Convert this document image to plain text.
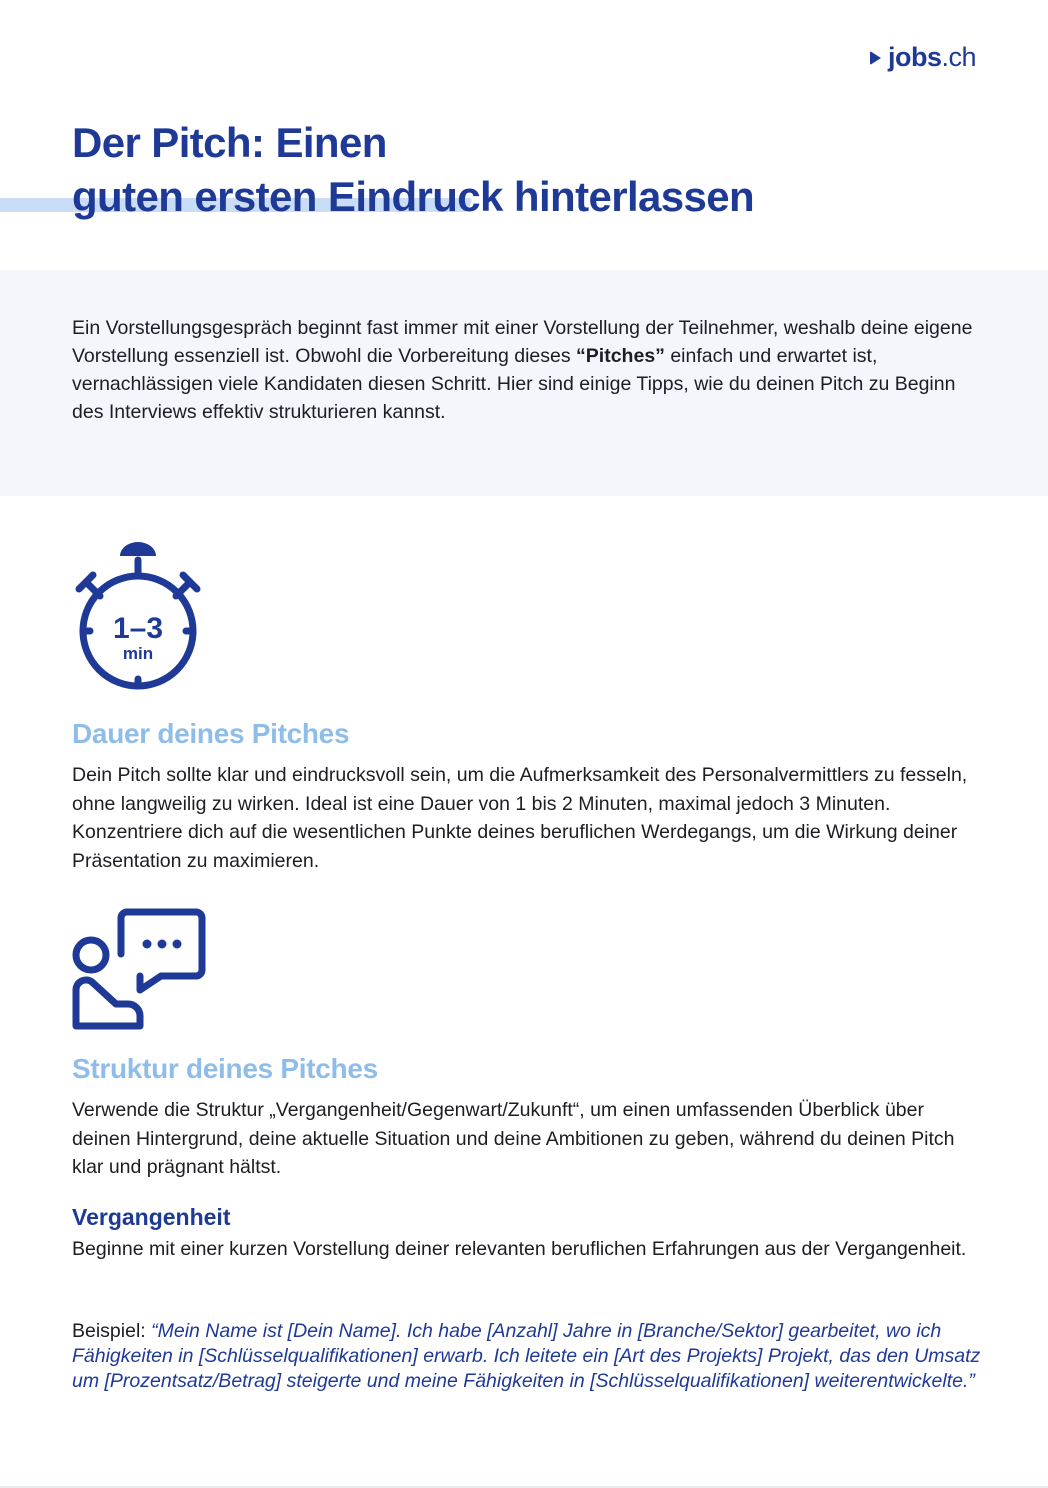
jobs .ch
Der Pitch: Einen
guten ersten Eindruck hinterlassen

Ein Vorstellungsgespräch beginnt fast immer mit einer Vorstellung der Teilnehmer, weshalb deine eigene Vorstellung essenziell ist. Obwohl die Vorbereitung dieses “Pitches” einfach und erwartet ist, vernachlässigen viele Kandidaten diesen Schritt. Hier sind einige Tipps, wie du deinen Pitch zu Beginn des Interviews effektiv strukturieren kannst.

1–3
min
Dauer deines Pitches

Dein Pitch sollte klar und eindrucksvoll sein, um die Aufmerksamkeit des Personalvermittlers zu fesseln, ohne langweilig zu wirken. Ideal ist eine Dauer von 1 bis 2 Minuten, maximal jedoch 3 Minuten. Konzentriere dich auf die wesentlichen Punkte deines beruflichen Werdegangs, um die Wirkung deiner Präsentation zu maximieren.

Struktur deines Pitches

Verwende die Struktur „Vergangenheit/Gegenwart/Zukunft“, um einen umfassenden Überblick über deinen Hintergrund, deine aktuelle Situation und deine Ambitionen zu geben, während du deinen Pitch klar und prägnant hältst.

Vergangenheit

Beginne mit einer kurzen Vorstellung deiner relevanten beruflichen Erfahrungen aus der Vergangenheit.

Beispiel: “Mein Name ist [Dein Name]. Ich habe [Anzahl] Jahre in [Branche/Sektor] gearbeitet, wo ich Fähigkeiten in [Schlüsselqualifikationen] erwarb. Ich leitete ein [Art des Projekts] Projekt, das den Umsatz um [Prozentsatz/Betrag] steigerte und meine Fähigkeiten in [Schlüsselqualifikationen] weiterentwickelte.”
